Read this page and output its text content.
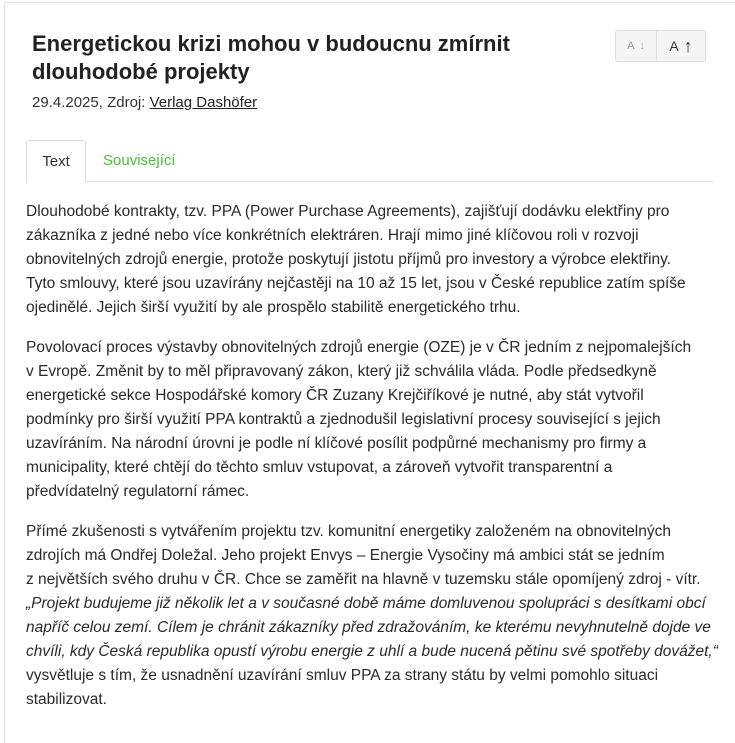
Energetickou krizi mohou v budoucnu zmírnit dlouhodobé projekty
A ↓ A ↑
29.4.2025, Zdroj: Verlag Dashöfer
Text	Související

Dlouhodobé kontrakty, tzv. PPA (Power Purchase Agreements), zajišťují dodávku elektřiny pro
zákazníka z jedné nebo více konkrétních elektráren. Hrají mimo jiné klíčovou roli v rozvoji
obnovitelných zdrojů energie, protože poskytují jistotu příjmů pro investory a výrobce elektřiny.
Tyto smlouvy, které jsou uzavírány nejčastěji na 10 až 15 let, jsou v České republice zatím spíše
ojedinělé. Jejich širší využití by ale prospělo stabilitě energetického trhu.

Povolovací proces výstavby obnovitelných zdrojů energie (OZE) je v ČR jedním z nejpomalejších
v Evropě. Změnit by to měl připravovaný zákon, který již schválila vláda. Podle předsedkyně
energetické sekce Hospodářské komory ČR Zuzany Krejčiříkové je nutné, aby stát vytvořil
podmínky pro širší využití PPA kontraktů a zjednodušil legislativní procesy související s jejich
uzavíráním. Na národní úrovni je podle ní klíčové posílit podpůrné mechanismy pro firmy a
municipality, které chtějí do těchto smluv vstupovat, a zároveň vytvořit transparentní a
předvídatelný regulatorní rámec.

Přímé zkušenosti s vytvářením projektu tzv. komunitní energetiky založeném na obnovitelných
zdrojích má Ondřej Doležal. Jeho projekt Envys – Energie Vysočiny má ambici stát se jedním
z největších svého druhu v ČR. Chce se zaměřit na hlavně v tuzemsku stále opomíjený zdroj - vítr.
„Projekt budujeme již několik let a v současné době máme domluvenou spolupráci s desítkami obcí
napříč celou zemí. Cílem je chránit zákazníky před zdražováním, ke kterému nevyhnutelně dojde ve
chvíli, kdy Česká republika opustí výrobu energie z uhlí a bude nucená pětinu své spotřeby dovážet,“
vysvětluje s tím, že usnadnění uzavírání smluv PPA za strany státu by velmi pomohlo situaci
stabilizovat.
